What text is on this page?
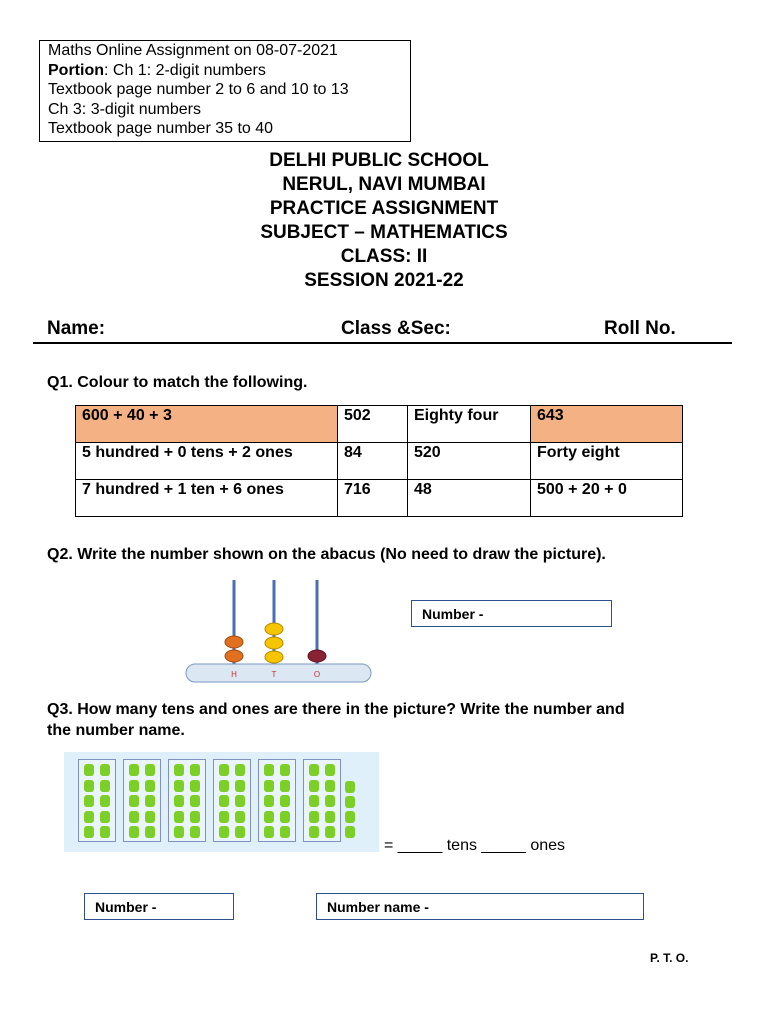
Maths Online Assignment on 08-07-2021
Portion: Ch 1: 2-digit numbers
Textbook page number 2 to 6 and 10 to 13
Ch 3: 3-digit numbers
Textbook page number 35 to 40
DELHI PUBLIC SCHOOL
NERUL, NAVI MUMBAI
PRACTICE ASSIGNMENT
SUBJECT – MATHEMATICS
CLASS: II
SESSION 2021-22
Name:	Class &Sec:	Roll No.
Q1. Colour to match the following.
600 + 40 + 3	502	Eighty four	643
5 hundred + 0 tens + 2 ones	84	520	Forty eight
7 hundred + 1 ten + 6 ones	716	48	500 + 20 + 0
Q2. Write the number shown on the abacus (No need to draw the picture).
H	T	O
Number -
Q3. How many tens and ones are there in the picture? Write the number and
the number name.
= _____ tens _____ ones
Number -	Number name -
P. T. O.
